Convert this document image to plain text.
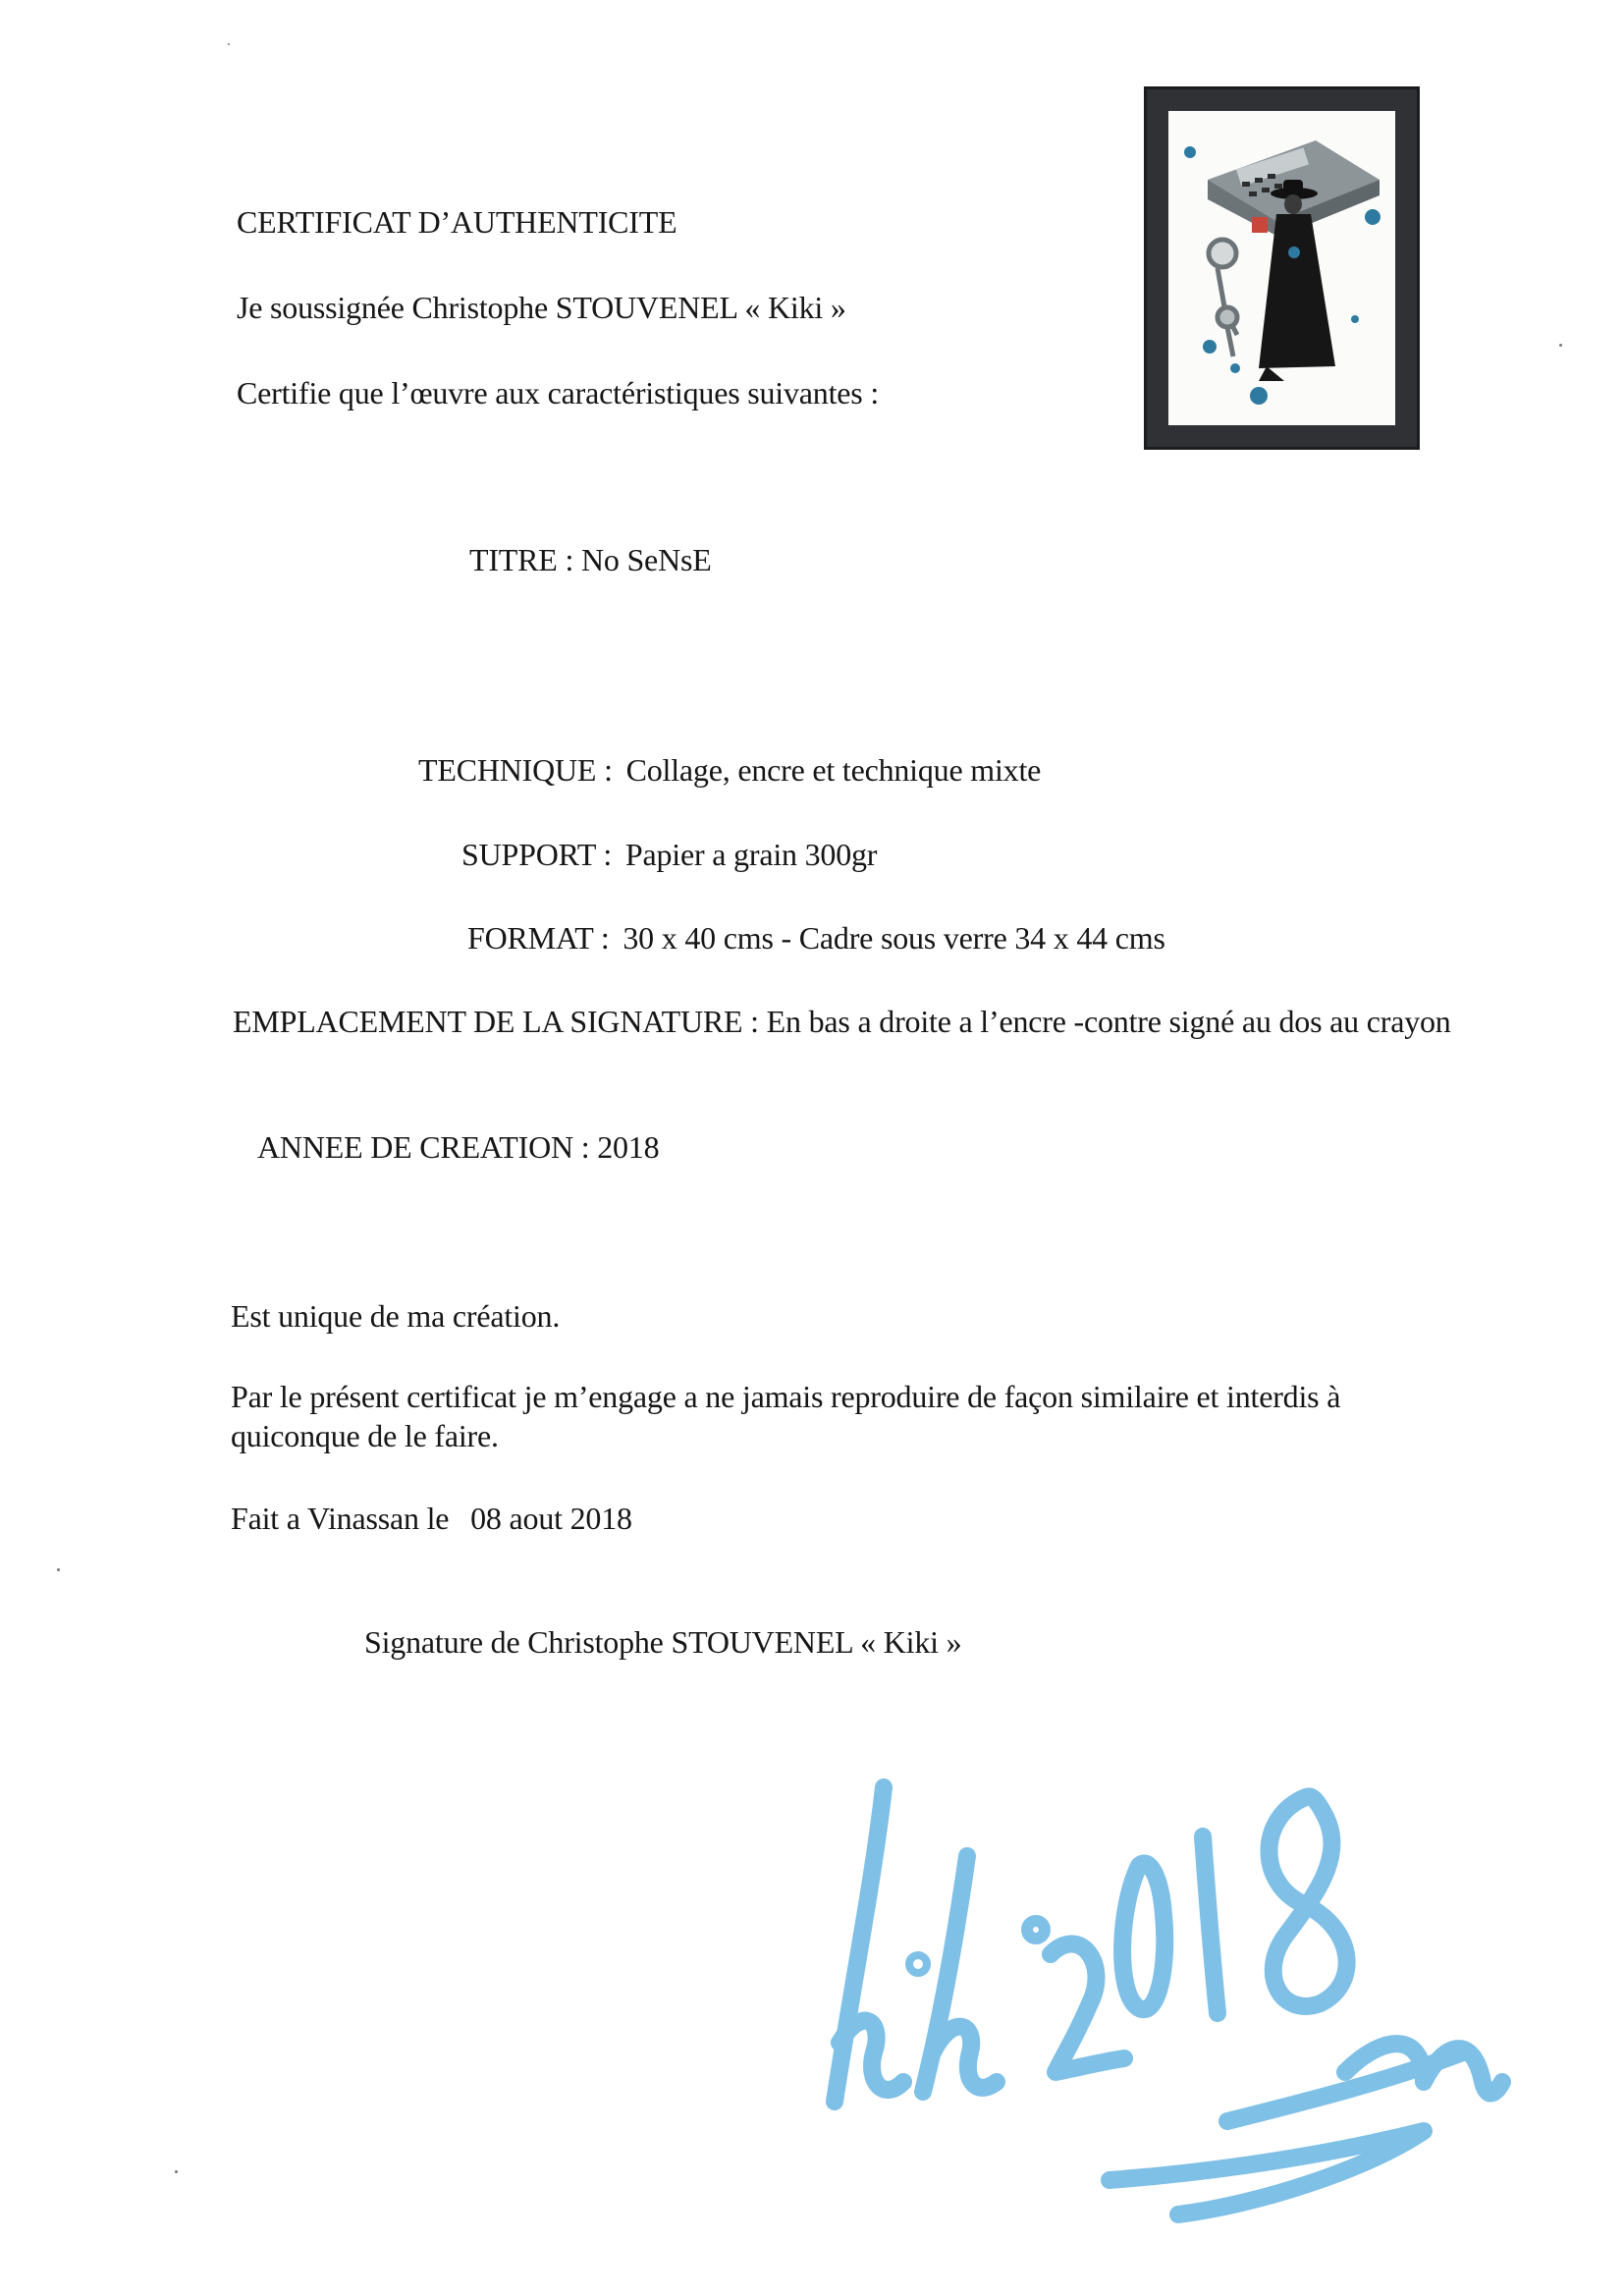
CERTIFICAT D’AUTHENTICITE
Je soussignée Christophe STOUVENEL « Kiki »
Certifie que l’œuvre aux caractéristiques suivantes :
TITRE : No SeNsE
TECHNIQUE : Collage, encre et technique mixte
SUPPORT : Papier a grain 300gr
FORMAT : 30 x 40 cms - Cadre sous verre 34 x 44 cms
EMPLACEMENT DE LA SIGNATURE : En bas a droite a l’encre -contre signé au dos au crayon
ANNEE DE CREATION : 2018
Est unique de ma création.
Par le présent certificat je m’engage a ne jamais reproduire de façon similaire et interdis à quiconque de le faire.
Fait a Vinassan le 08 aout 2018
Signature de Christophe STOUVENEL « Kiki »
